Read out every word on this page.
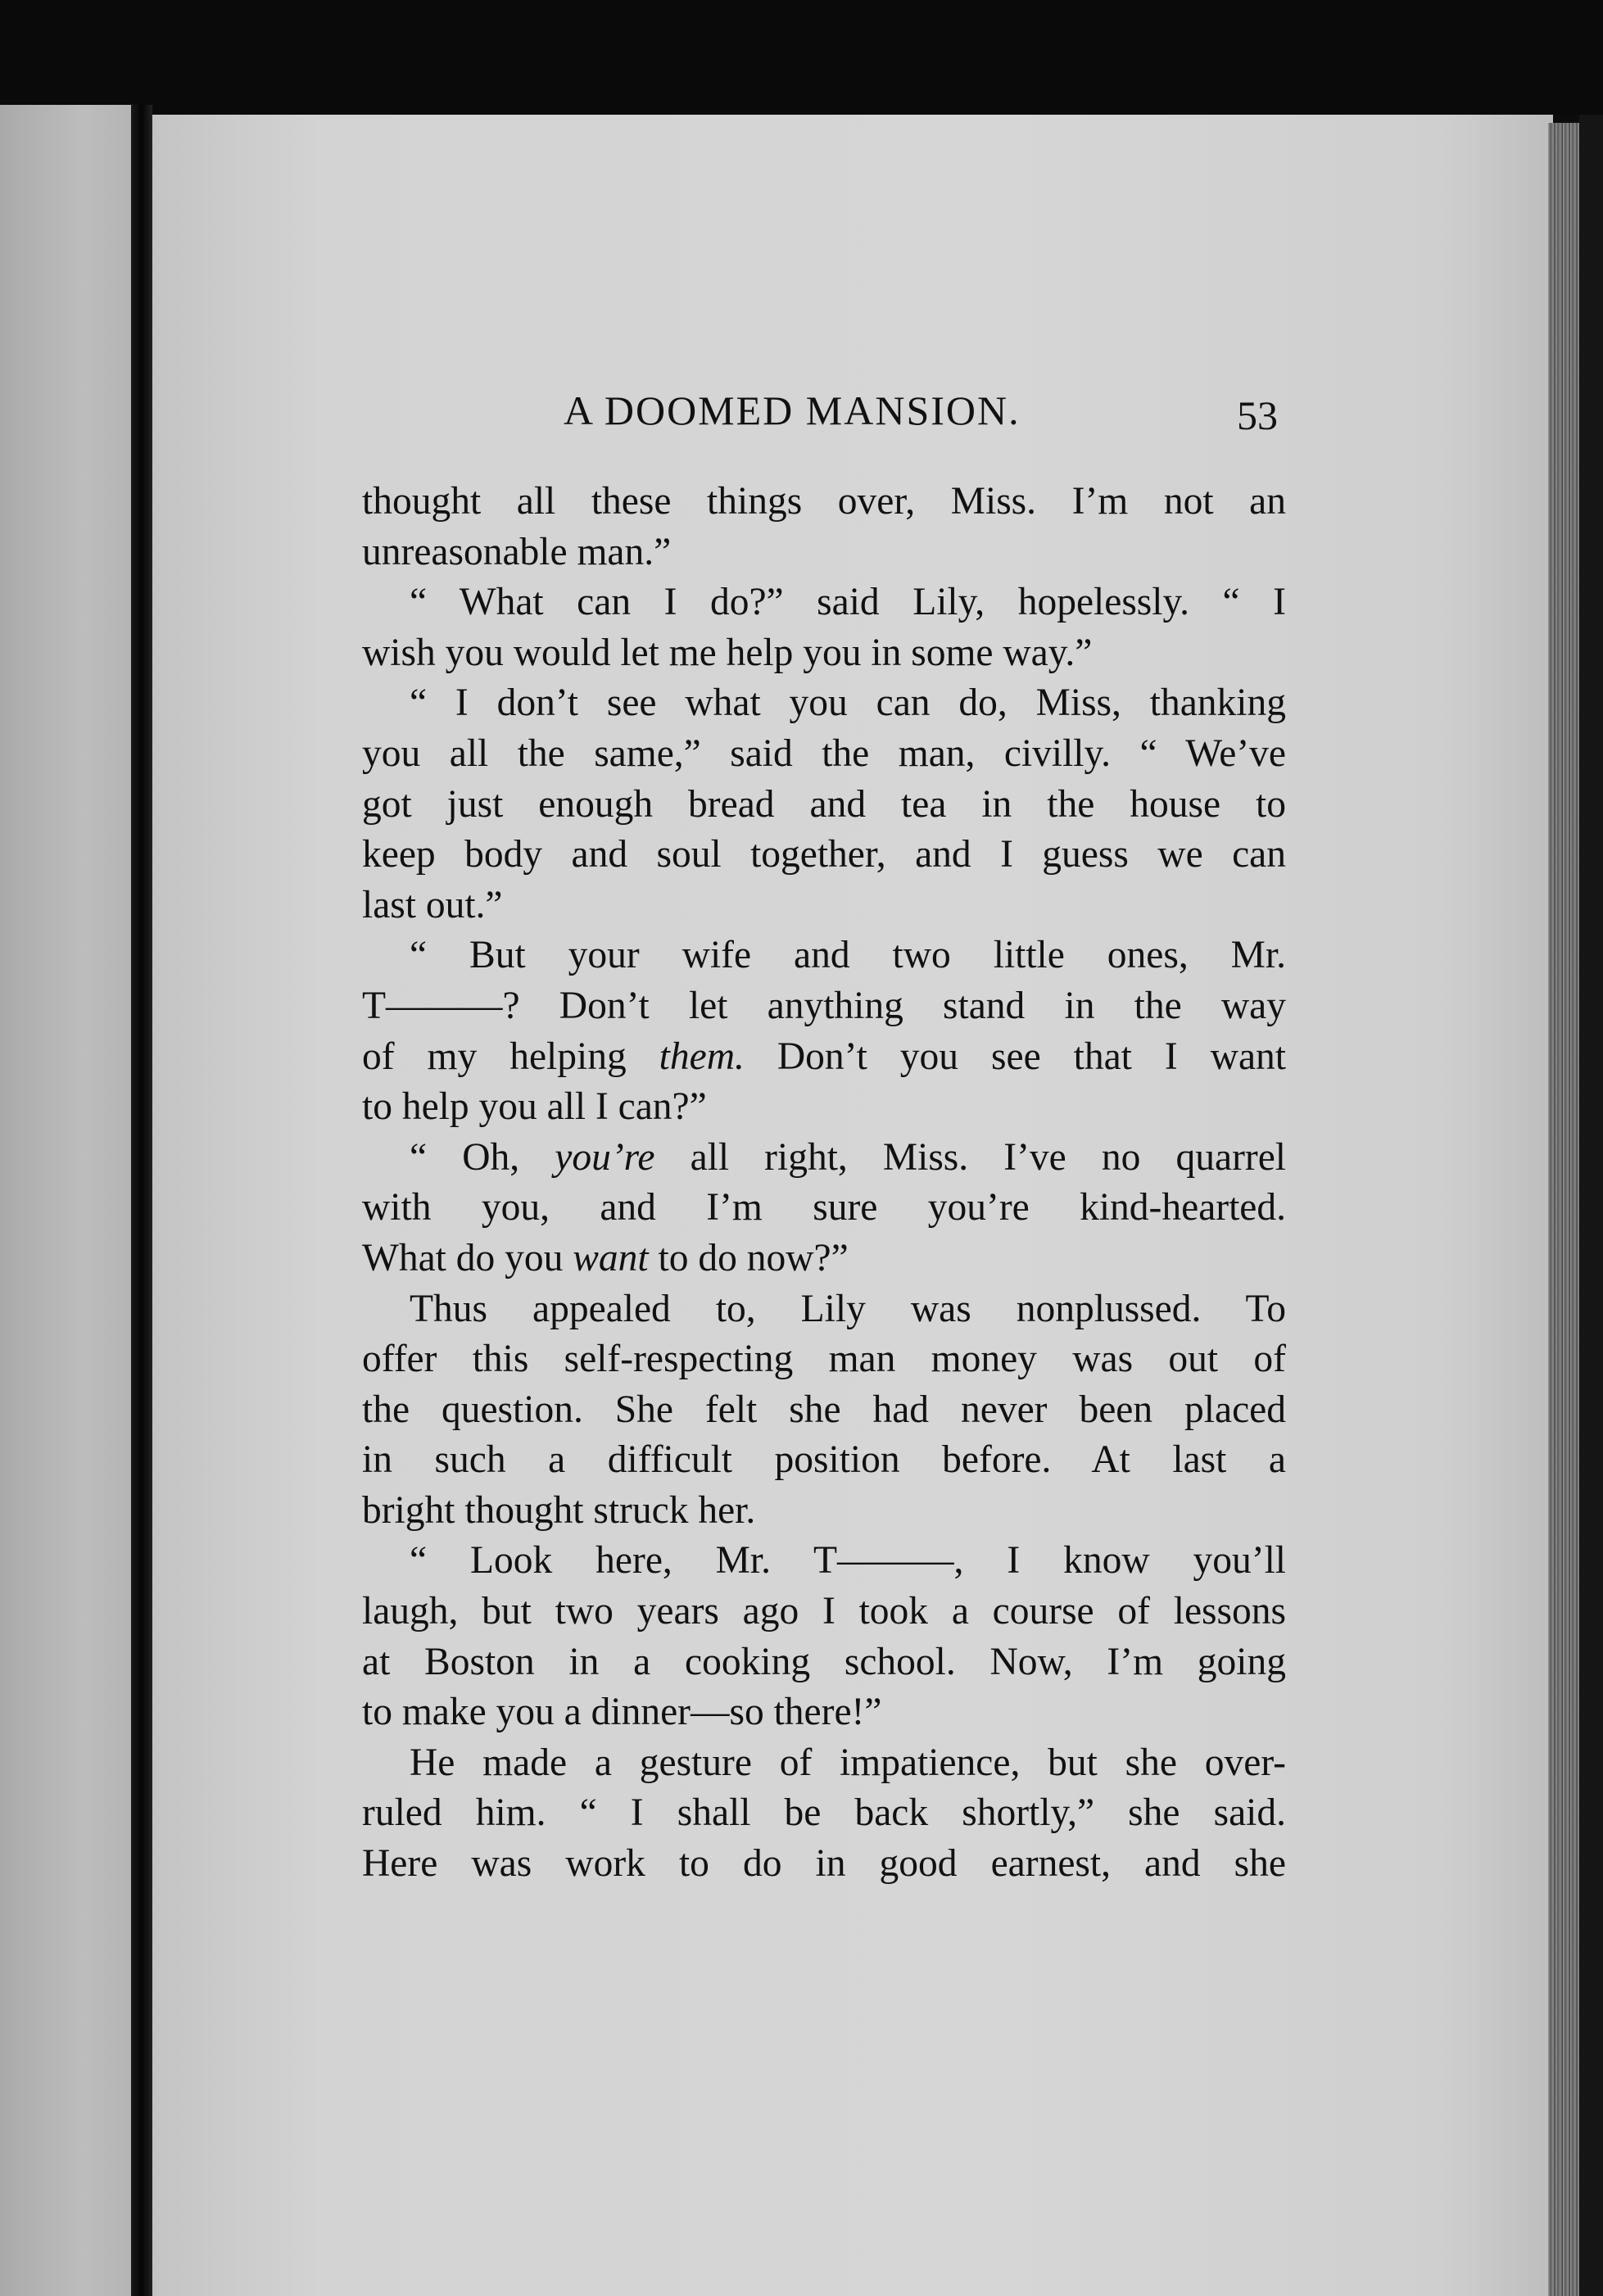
A DOOMED MANSION.	53
thought all these things over, Miss. I’m not an
unreasonable man.”
“ What can I do?” said Lily, hopelessly. “ I
wish you would let me help you in some way.”
“ I don’t see what you can do, Miss, thanking
you all the same,” said the man, civilly. “ We’ve
got just enough bread and tea in the house to
keep body and soul together, and I guess we can
last out.”
“ But your wife and two little ones, Mr.
T———? Don’t let anything stand in the way
of my helping them. Don’t you see that I want
to help you all I can?”
“ Oh, you’re all right, Miss. I’ve no quarrel
with you, and I’m sure you’re kind-hearted.
What do you want to do now?”
Thus appealed to, Lily was nonplussed. To
offer this self-respecting man money was out of
the question. She felt she had never been placed
in such a difficult position before. At last a
bright thought struck her.
“ Look here, Mr. T———, I know you’ll
laugh, but two years ago I took a course of lessons
at Boston in a cooking school. Now, I’m going
to make you a dinner—so there!”
He made a gesture of impatience, but she over-
ruled him. “ I shall be back shortly,” she said.
Here was work to do in good earnest, and she
